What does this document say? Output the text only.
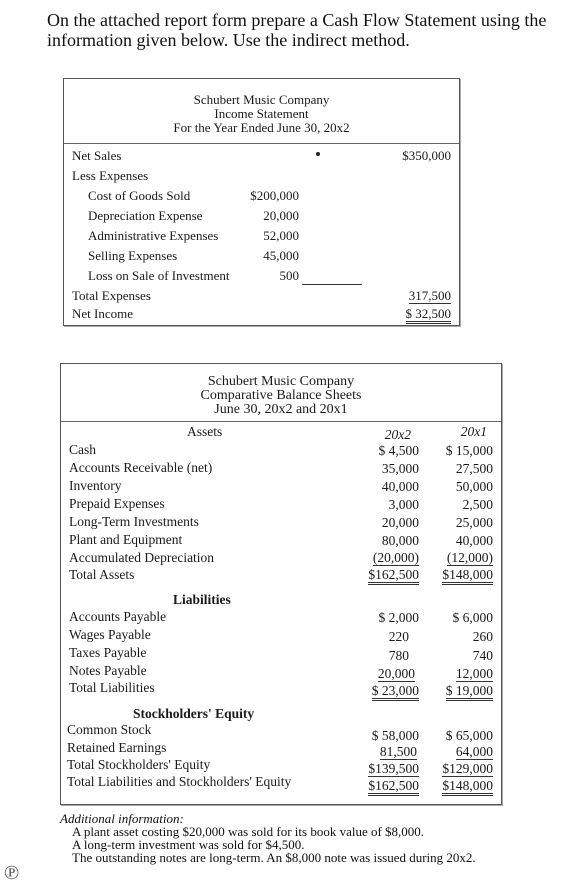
On the attached report form prepare a Cash Flow Statement using the
information given below. Use the indirect method.
Schubert Music Company
Income Statement
For the Year Ended June 30, 20x2
Net Sales	$350,000
Less Expenses
Cost of Goods Sold	$200,000
Depreciation Expense	20,000
Administrative Expenses	52,000
Selling Expenses	45,000
Loss on Sale of Investment	500
Total Expenses	317,500
Net Income	$ 32,500
Schubert Music Company
Comparative Balance Sheets
June 30, 20x2 and 20x1
Assets	20x2	20x1
Cash	$ 4,500 $ 15,000
Accounts Receivable (net)	35,000	27,500
Inventory	40,000	50,000
Prepaid Expenses	3,000	2,500
Long-Term Investments	20,000	25,000
Plant and Equipment	80,000	40,000
Accumulated Depreciation	(20,000) (12,000)
Total Assets	$162,500 $148,000
Liabilities
Accounts Payable	$ 2,000 $ 6,000
Wages Payable	220	260
Taxes Payable	780	740
Notes Payable	20,000	12,000
Total Liabilities	$ 23,000 $ 19,000
Stockholders' Equity
Common Stock	$ 58,000 $ 65,000
Retained Earnings	81,500	64,000
Total Stockholders' Equity	$139,500 $129,000
Total Liabilities and Stockholders' Equity	$162,500 $148,000
Additional information:
A plant asset costing $20,000 was sold for its book value of $8,000.
A long-term investment was sold for $4,500.
The outstanding notes are long-term. An $8,000 note was issued during 20x2.
℗
